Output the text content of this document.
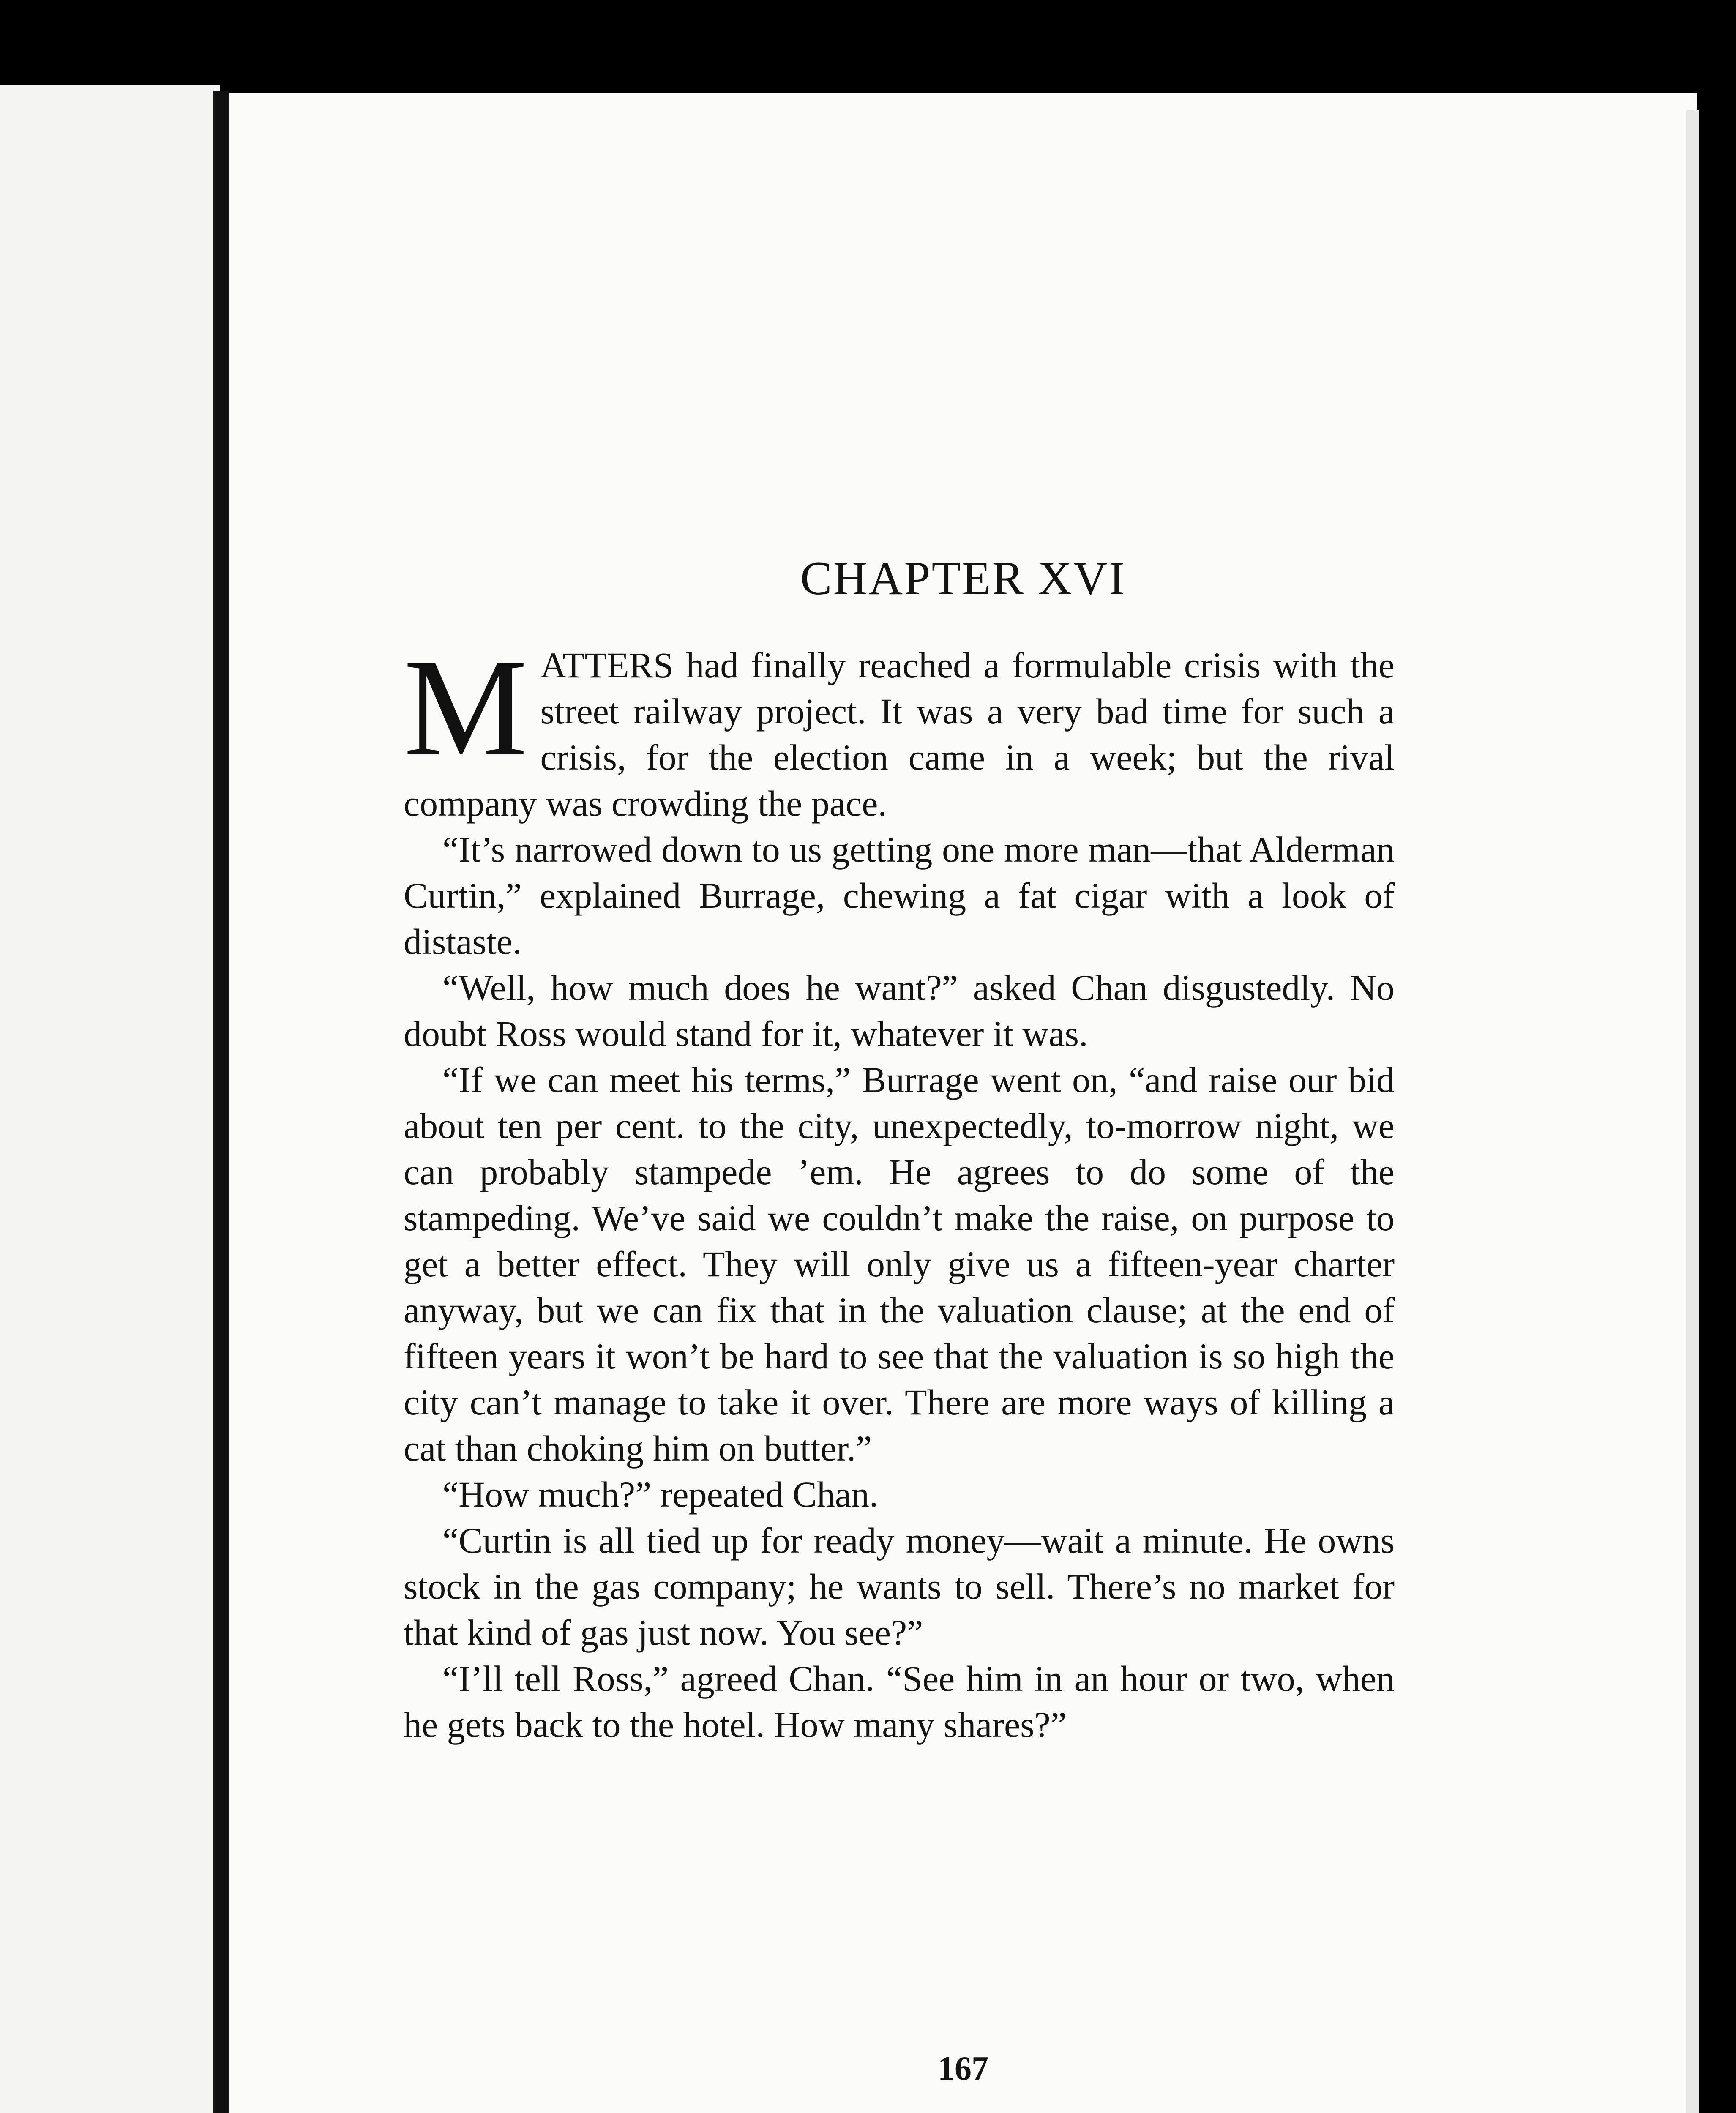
CHAPTER XVI

MATTERS had finally reached a formulable crisis with the street railway project. It was a very bad time for such a crisis, for the election came in a week; but the rival company was crowding the pace.

“It’s narrowed down to us getting one more man—that Alderman Curtin,” explained Burrage, chewing a fat cigar with a look of distaste.

“Well, how much does he want?” asked Chan disgustedly. No doubt Ross would stand for it, whatever it was.

“If we can meet his terms,” Burrage went on, “and raise our bid about ten per cent. to the city, unexpectedly, to-morrow night, we can probably stampede ’em. He agrees to do some of the stampeding. We’ve said we couldn’t make the raise, on purpose to get a better effect. They will only give us a fifteen-year charter anyway, but we can fix that in the valuation clause; at the end of fifteen years it won’t be hard to see that the valuation is so high the city can’t manage to take it over. There are more ways of killing a cat than choking him on butter.”

“How much?” repeated Chan.

“Curtin is all tied up for ready money—wait a minute. He owns stock in the gas company; he wants to sell. There’s no market for that kind of gas just now. You see?”

“I’ll tell Ross,” agreed Chan. “See him in an hour or two, when he gets back to the hotel. How many shares?”

167
